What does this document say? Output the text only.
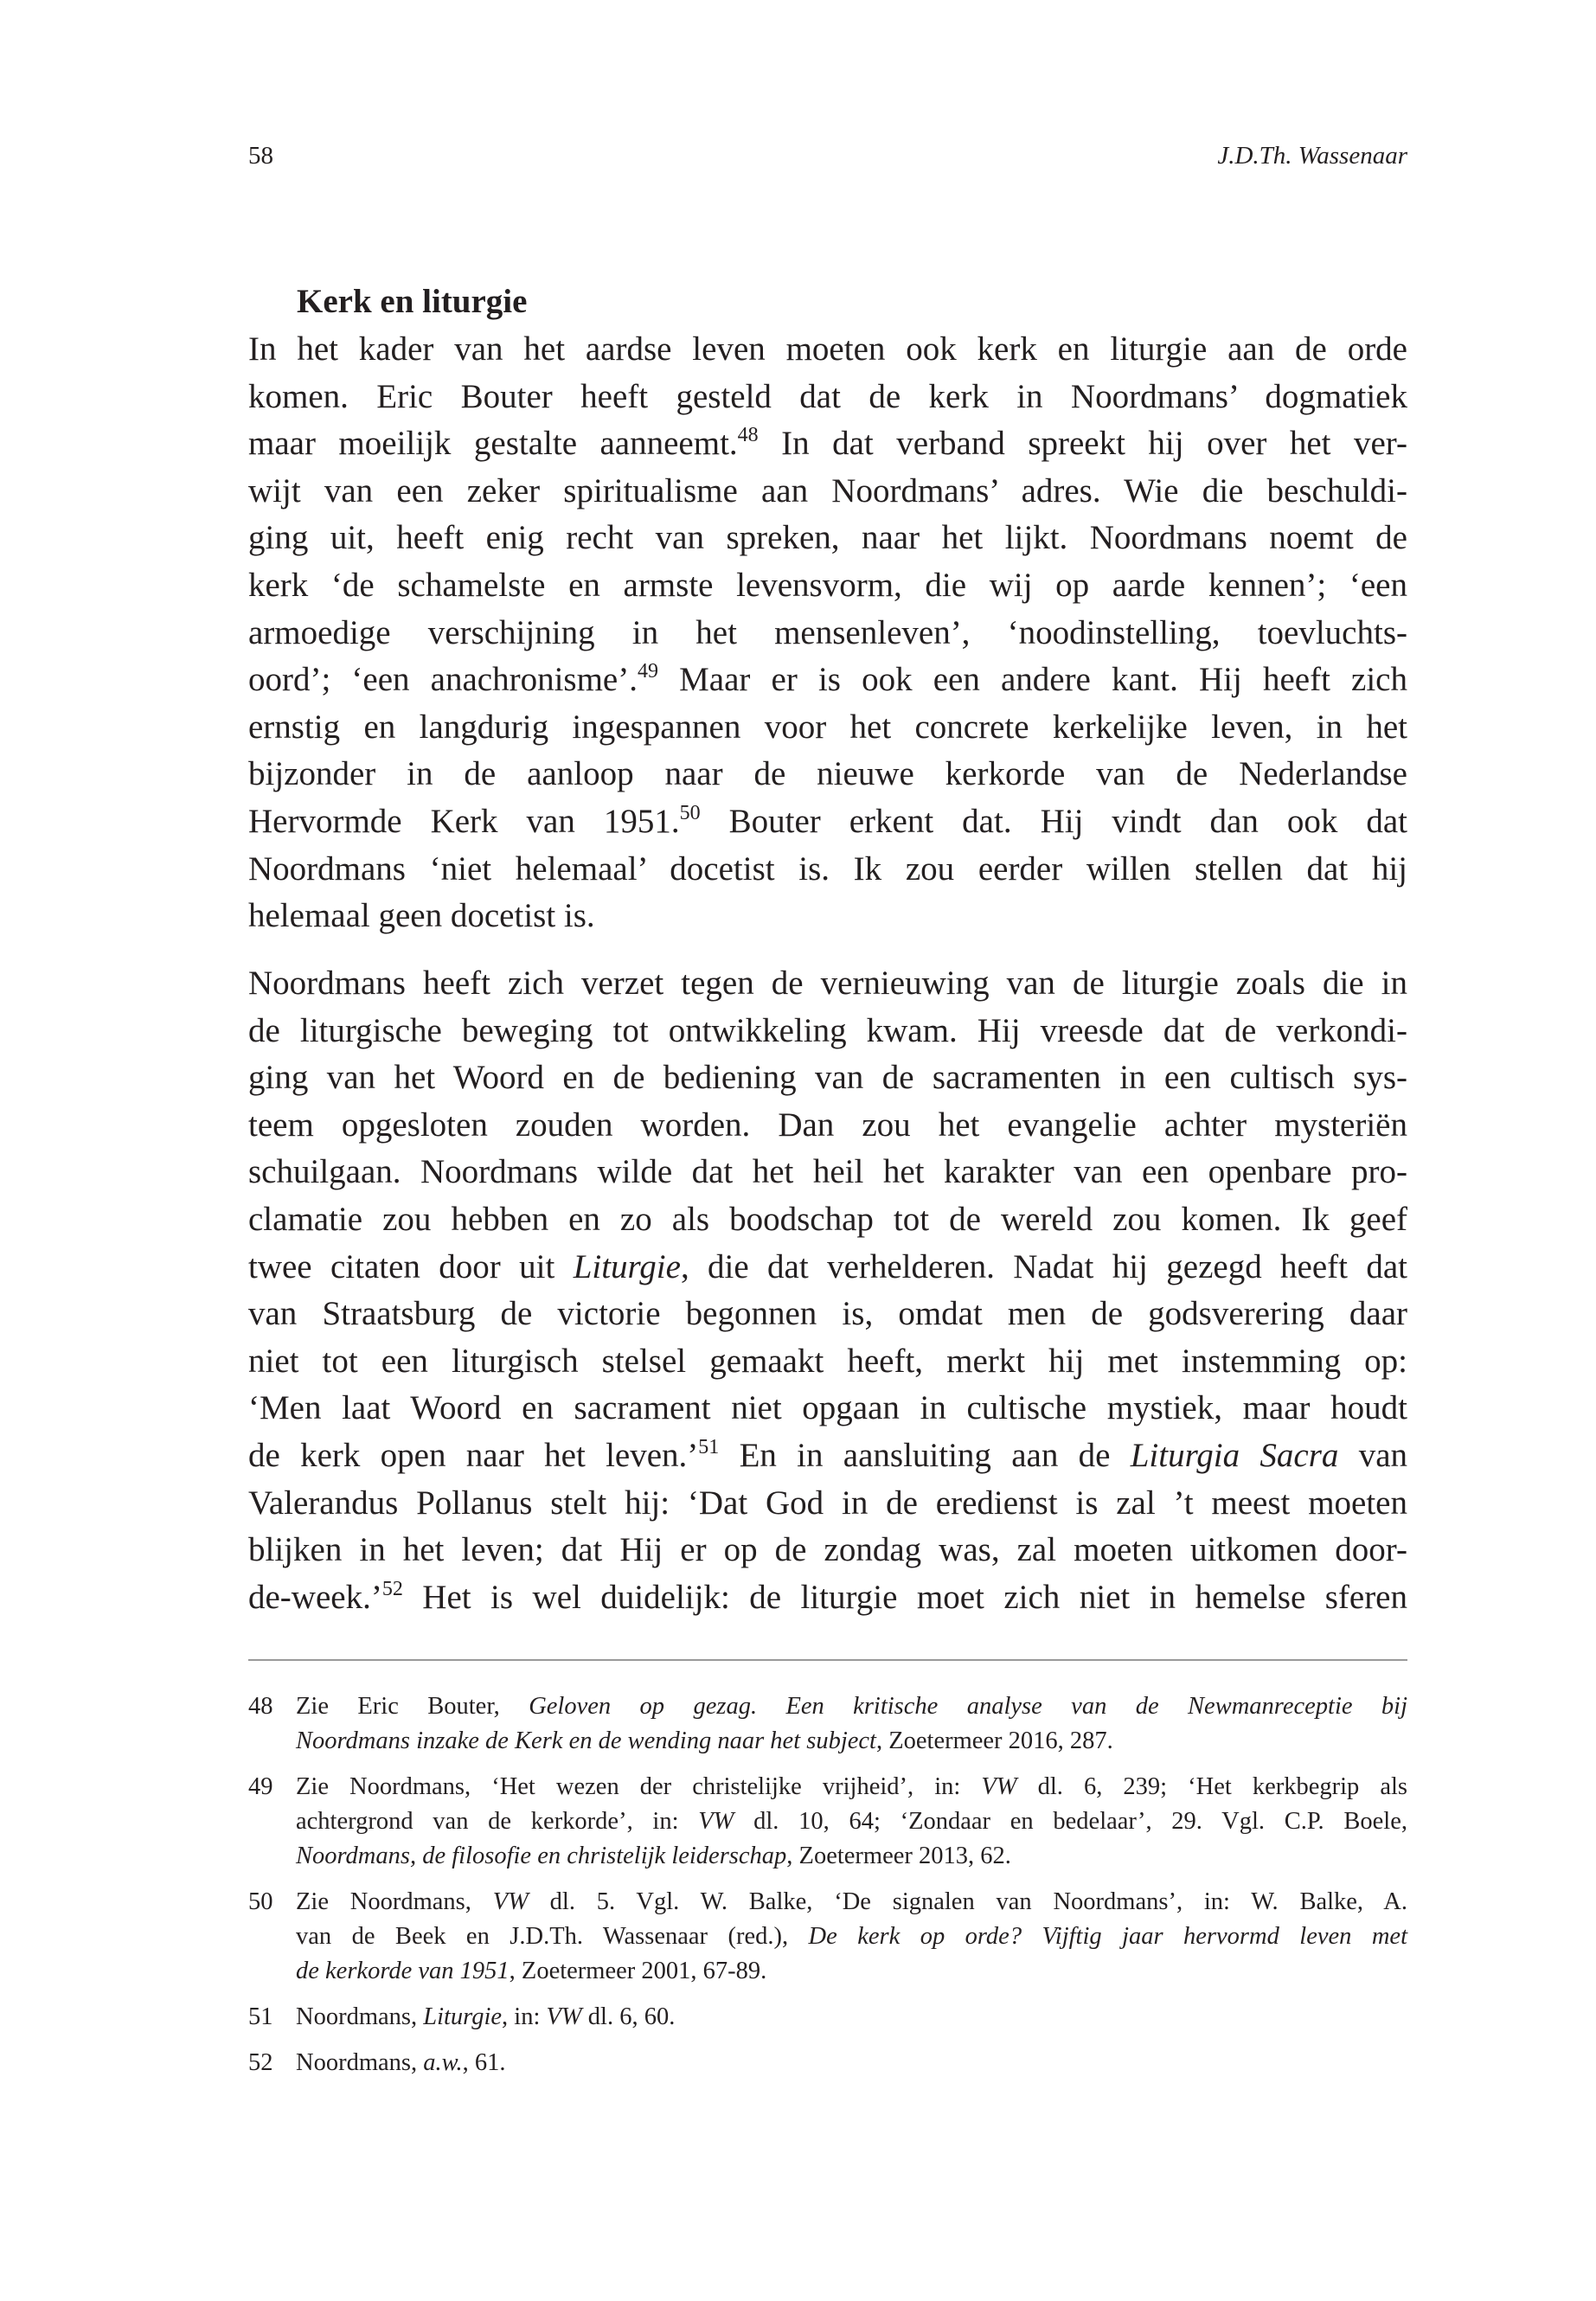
58	J.D.Th. Wassenaar
Kerk en liturgie
In het kader van het aardse leven moeten ook kerk en liturgie aan de orde
komen. Eric Bouter heeft gesteld dat de kerk in Noordmans’ dogmatiek
maar moeilijk gestalte aanneemt.$^{48}$ In dat verband spreekt hij over het ver-
wijt van een zeker spiritualisme aan Noordmans’ adres. Wie die beschuldi-
ging uit, heeft enig recht van spreken, naar het lijkt. Noordmans noemt de
kerk ‘de schamelste en armste levensvorm, die wij op aarde kennen’; ‘een
armoedige verschijning in het mensenleven’, ‘noodinstelling, toevluchts-
oord’; ‘een anachronisme’.$^{49}$ Maar er is ook een andere kant. Hij heeft zich
ernstig en langdurig ingespannen voor het concrete kerkelijke leven, in het
bijzonder in de aanloop naar de nieuwe kerkorde van de Nederlandse
Hervormde Kerk van 1951.50 Bouter erkent dat. Hij vindt dan ook dat
Noordmans ‘niet helemaal’ docetist is. Ik zou eerder willen stellen dat hij
helemaal geen docetist is.
Noordmans heeft zich verzet tegen de vernieuwing van de liturgie zoals die in
de liturgische beweging tot ontwikkeling kwam. Hij vreesde dat de verkondi-
ging van het Woord en de bediening van de sacramenten in een cultisch sys-
teem opgesloten zouden worden. Dan zou het evangelie achter mysteriën
schuilgaan. Noordmans wilde dat het heil het karakter van een openbare pro-
clamatie zou hebben en zo als boodschap tot de wereld zou komen. Ik geef
twee citaten door uit Liturgie, die dat verhelderen. Nadat hij gezegd heeft dat
van Straatsburg de victorie begonnen is, omdat men de godsverering daar
niet tot een liturgisch stelsel gemaakt heeft, merkt hij met instemming op:
‘Men laat Woord en sacrament niet opgaan in cultische mystiek, maar houdt
de kerk open naar het leven.’$^{51}$ En in aansluiting aan de Liturgia Sacra van
Valerandus Pollanus stelt hij: ‘Dat God in de eredienst is zal ’t meest moeten
blijken in het leven; dat Hij er op de zondag was, zal moeten uitkomen door-
de-week.’$^{52}$ Het is wel duidelijk: de liturgie moet zich niet in hemelse sferen
48 Zie Eric Bouter, Geloven op gezag. Een kritische analyse van de Newmanreceptie bij
Noordmans inzake de Kerk en de wending naar het subject, Zoetermeer 2016, 287.
49 Zie Noordmans, ‘Het wezen der christelijke vrijheid’, in: VW dl. 6, 239; ‘Het kerkbegrip als
achtergrond van de kerkorde’, in: VW dl. 10, 64; ‘Zondaar en bedelaar’, 29. Vgl. C.P. Boele,
Noordmans, de filosofie en christelijk leiderschap, Zoetermeer 2013, 62.
50 Zie Noordmans, VW dl. 5. Vgl. W. Balke, ‘De signalen van Noordmans’, in: W. Balke, A.
van de Beek en J.D.Th. Wassenaar (red.), De kerk op orde? Vijftig jaar hervormd leven met
de kerkorde van 1951, Zoetermeer 2001, 67-89.
51 Noordmans, Liturgie, in: VW dl. 6, 60.
52 Noordmans, a.w., 61.
